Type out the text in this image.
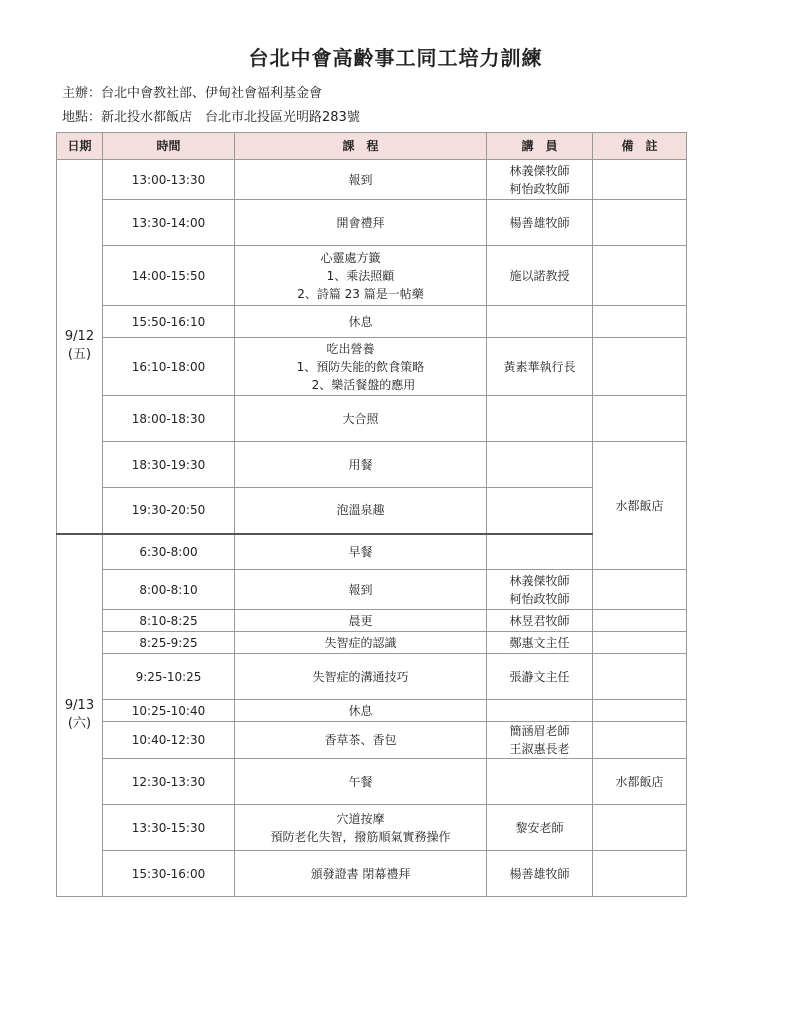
台北中會高齡事工同工培力訓練
主辦：台北中會教社部、伊甸社會福利基金會
地點：新北投水都飯店　台北市北投區光明路283號
日期	時間	課　程	講　員	備　註

9/12
(五)	13:00-13:30	報到	林義傑牧師
柯怡政牧師	

	13:30-14:00	開會禮拜	楊善雄牧師	
	14:00-15:50	心靈處方籤
1、乘法照顧
2、詩篇 23 篇是一帖藥	施以諾教授	
	15:50-16:10	休息		
	16:10-18:00	吃出營養
1、預防失能的飲食策略
2、樂活餐盤的應用	黃素華執行長	
	18:00-18:30	大合照		
	18:30-19:30	用餐		水都飯店
	19:30-20:50	泡溫泉趣		

9/13
(六)	6:30-8:00	早餐		
	8:00-8:10	報到	林義傑牧師
柯怡政牧師	

	8:10-8:25	晨更	林昱君牧師	
	8:25-9:25	失智症的認識	鄭惠文主任	
	9:25-10:25	失智症的溝通技巧	張瀞文主任	
	10:25-10:40	休息		
	10:40-12:30	香草茶、香包	簡涵眉老師
王淑惠長老	

	12:30-13:30	午餐		水都飯店
	13:30-15:30	穴道按摩
預防老化失智，撥筋順氣實務操作	黎安老師	
	15:30-16:00	頒發證書 閉幕禮拜	楊善雄牧師	
